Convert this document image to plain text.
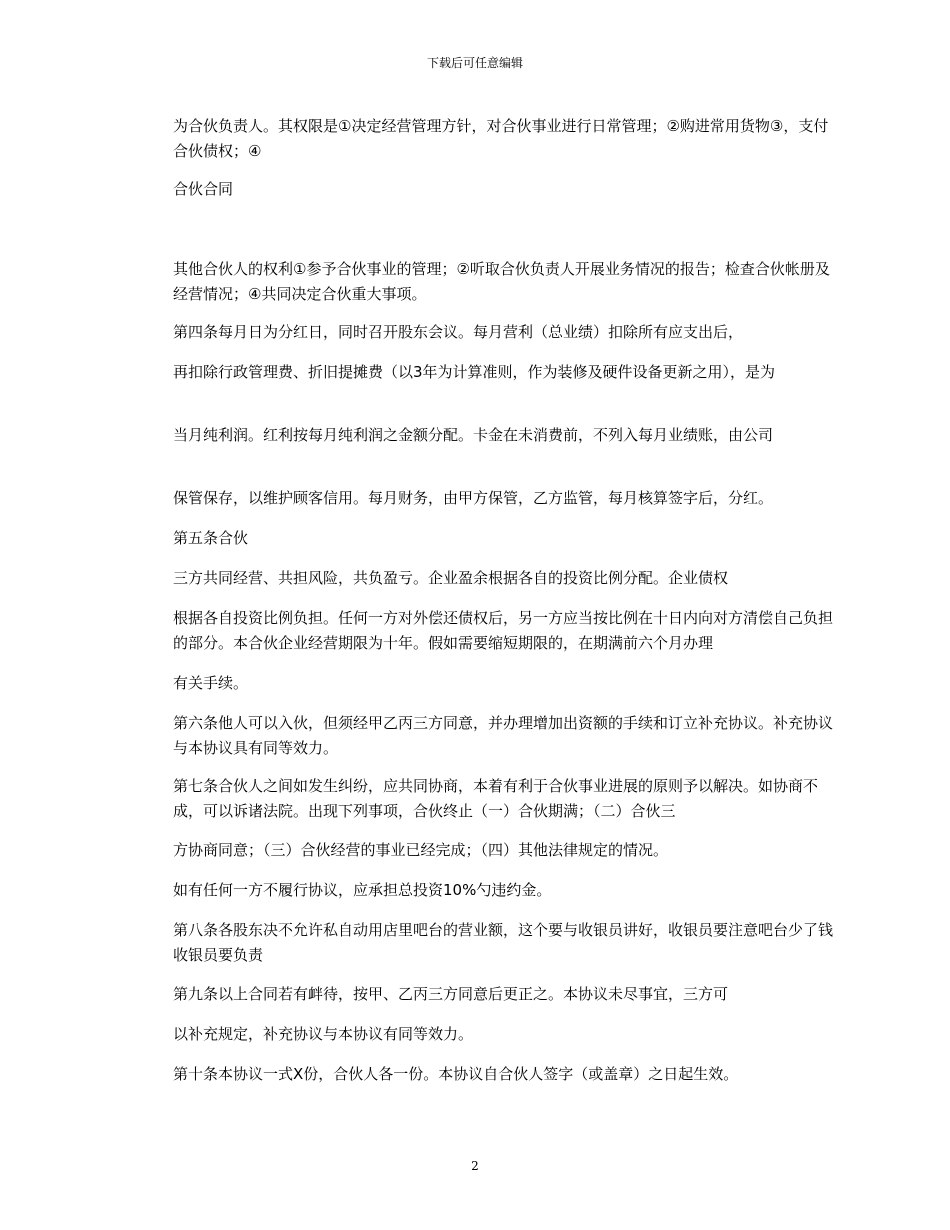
下载后可任意编辑
为合伙负责人。其权限是①决定经营管理方针，对合伙事业进行日常管理；②购进常用货物③，支付合伙债权；④
合伙合同
其他合伙人的权利①参予合伙事业的管理；②听取合伙负责人开展业务情况的报告；检查合伙帐册及经营情况；④共同决定合伙重大事项。
第四条每月日为分红日，同时召开股东会议。每月营利（总业绩）扣除所有应支出后，
再扣除行政管理费、折旧提摊费（以3年为计算准则，作为装修及硬件设备更新之用），是为
当月纯利润。红利按每月纯利润之金额分配。卡金在未消费前，不列入每月业绩账，由公司
保管保存，以维护顾客信用。每月财务，由甲方保管，乙方监管，每月核算签字后，分红。
第五条合伙
三方共同经营、共担风险，共负盈亏。企业盈余根据各自的投资比例分配。企业债权
根据各自投资比例负担。任何一方对外偿还债权后，另一方应当按比例在十日内向对方清偿自己负担的部分。本合伙企业经营期限为十年。假如需要缩短期限的，在期满前六个月办理
有关手续。
第六条他人可以入伙，但须经甲乙丙三方同意，并办理增加出资额的手续和订立补充协议。补充协议与本协议具有同等效力。
第七条合伙人之间如发生纠纷，应共同协商，本着有利于合伙事业进展的原则予以解决。如协商不成，可以诉诸法院。出现下列事项，合伙终止（一）合伙期满；（二）合伙三
方协商同意；（三）合伙经营的事业已经完成；（四）其他法律规定的情况。
如有任何一方不履行协议，应承担总投资10%勺违约金。
第八条各股东决不允许私自动用店里吧台的营业额，这个要与收银员讲好，收银员要注意吧台少了钱收银员要负责
第九条以上合同若有衅待，按甲、乙丙三方同意后更正之。本协议未尽事宜，三方可
以补充规定，补充协议与本协议有同等效力。
第十条本协议一式X份，合伙人各一份。本协议自合伙人签字（或盖章）之日起生效。
2
